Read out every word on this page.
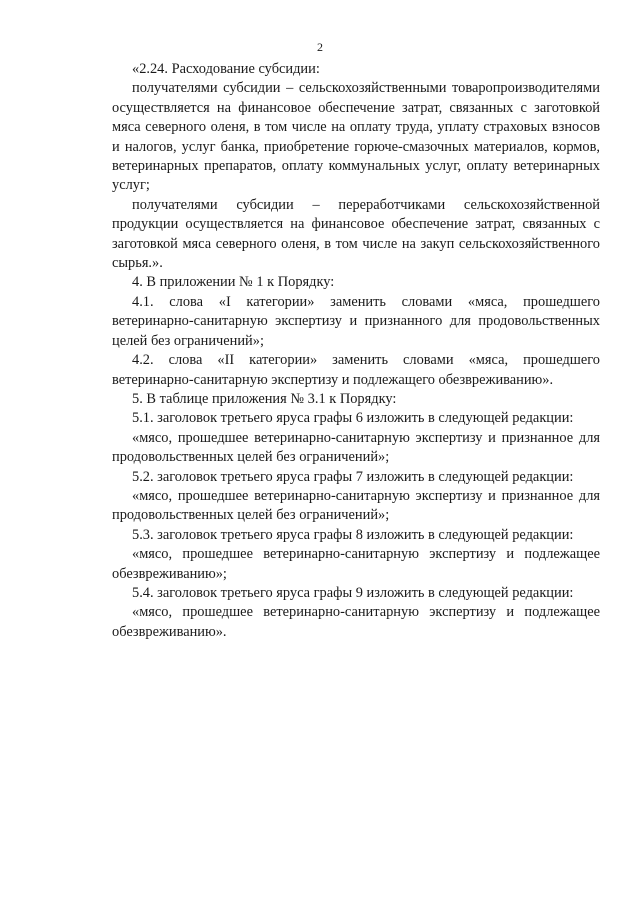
2

«2.24. Расходование субсидии:

получателями субсидии – сельскохозяйственными товаропроизводителями осуществляется на финансовое обеспечение затрат, связанных с заготовкой мяса северного оленя, в том числе на оплату труда, уплату страховых взносов и налогов, услуг банка, приобретение горюче-смазочных материалов, кормов, ветеринарных препаратов, оплату коммунальных услуг, оплату ветеринарных услуг;

получателями субсидии – переработчиками сельскохозяйственной продукции осуществляется на финансовое обеспечение затрат, связанных с заготовкой мяса северного оленя, в том числе на закуп сельскохозяйственного сырья.».

4. В приложении № 1 к Порядку:

4.1. слова «I категории» заменить словами «мяса, прошедшего ветеринарно-санитарную экспертизу и признанного для продовольственных целей без ограничений»;

4.2. слова «II категории» заменить словами «мяса, прошедшего ветеринарно-санитарную экспертизу и подлежащего обезвреживанию».

5. В таблице приложения № 3.1 к Порядку:

5.1. заголовок третьего яруса графы 6 изложить в следующей редакции:

«мясо, прошедшее ветеринарно-санитарную экспертизу и признанное для продовольственных целей без ограничений»;

5.2. заголовок третьего яруса графы 7 изложить в следующей редакции:

«мясо, прошедшее ветеринарно-санитарную экспертизу и признанное для продовольственных целей без ограничений»;

5.3. заголовок третьего яруса графы 8 изложить в следующей редакции:

«мясо, прошедшее ветеринарно-санитарную экспертизу и подлежащее обезвреживанию»;

5.4. заголовок третьего яруса графы 9 изложить в следующей редакции:

«мясо, прошедшее ветеринарно-санитарную экспертизу и подлежащее обезвреживанию».
